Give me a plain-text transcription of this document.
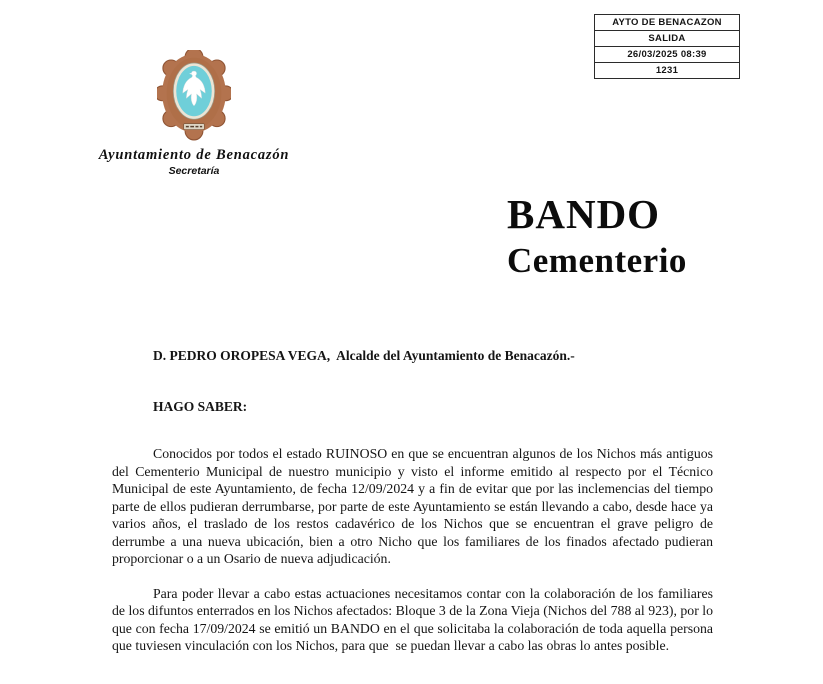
AYTO DE BENACAZON
SALIDA
26/03/2025 08:39
1231
Ayuntamiento de Benacazón
Secretaría
BANDO
Cementerio
D. PEDRO OROPESA VEGA,  Alcalde del Ayuntamiento de Benacazón.-
HAGO SABER:

Conocidos por todos el estado RUINOSO en que se encuentran algunos de los Nichos más antiguos del Cementerio Municipal de nuestro municipio y visto el informe emitido al respecto por el Técnico Municipal de este Ayuntamiento, de fecha 12/09/2024 y a fin de evitar que por las inclemencias del tiempo parte de ellos pudieran derrumbarse, por parte de este Ayuntamiento se están llevando a cabo, desde hace ya varios años, el traslado de los restos cadavérico de los Nichos que se encuentran el grave peligro de derrumbe a una nueva ubicación, bien a otro Nicho que los familiares de los finados afectado pudieran proporcionar o a un Osario de nueva adjudicación.

Para poder llevar a cabo estas actuaciones necesitamos contar con la colaboración de los familiares  de los difuntos enterrados en los Nichos afectados: Bloque 3 de la Zona Vieja (Nichos del 788 al 923), por lo que con fecha 17/09/2024 se emitió un BANDO en el que solicitaba la colaboración de toda aquella persona que tuviesen vinculación con los Nichos, para que  se puedan llevar a cabo las obras lo antes posible.
